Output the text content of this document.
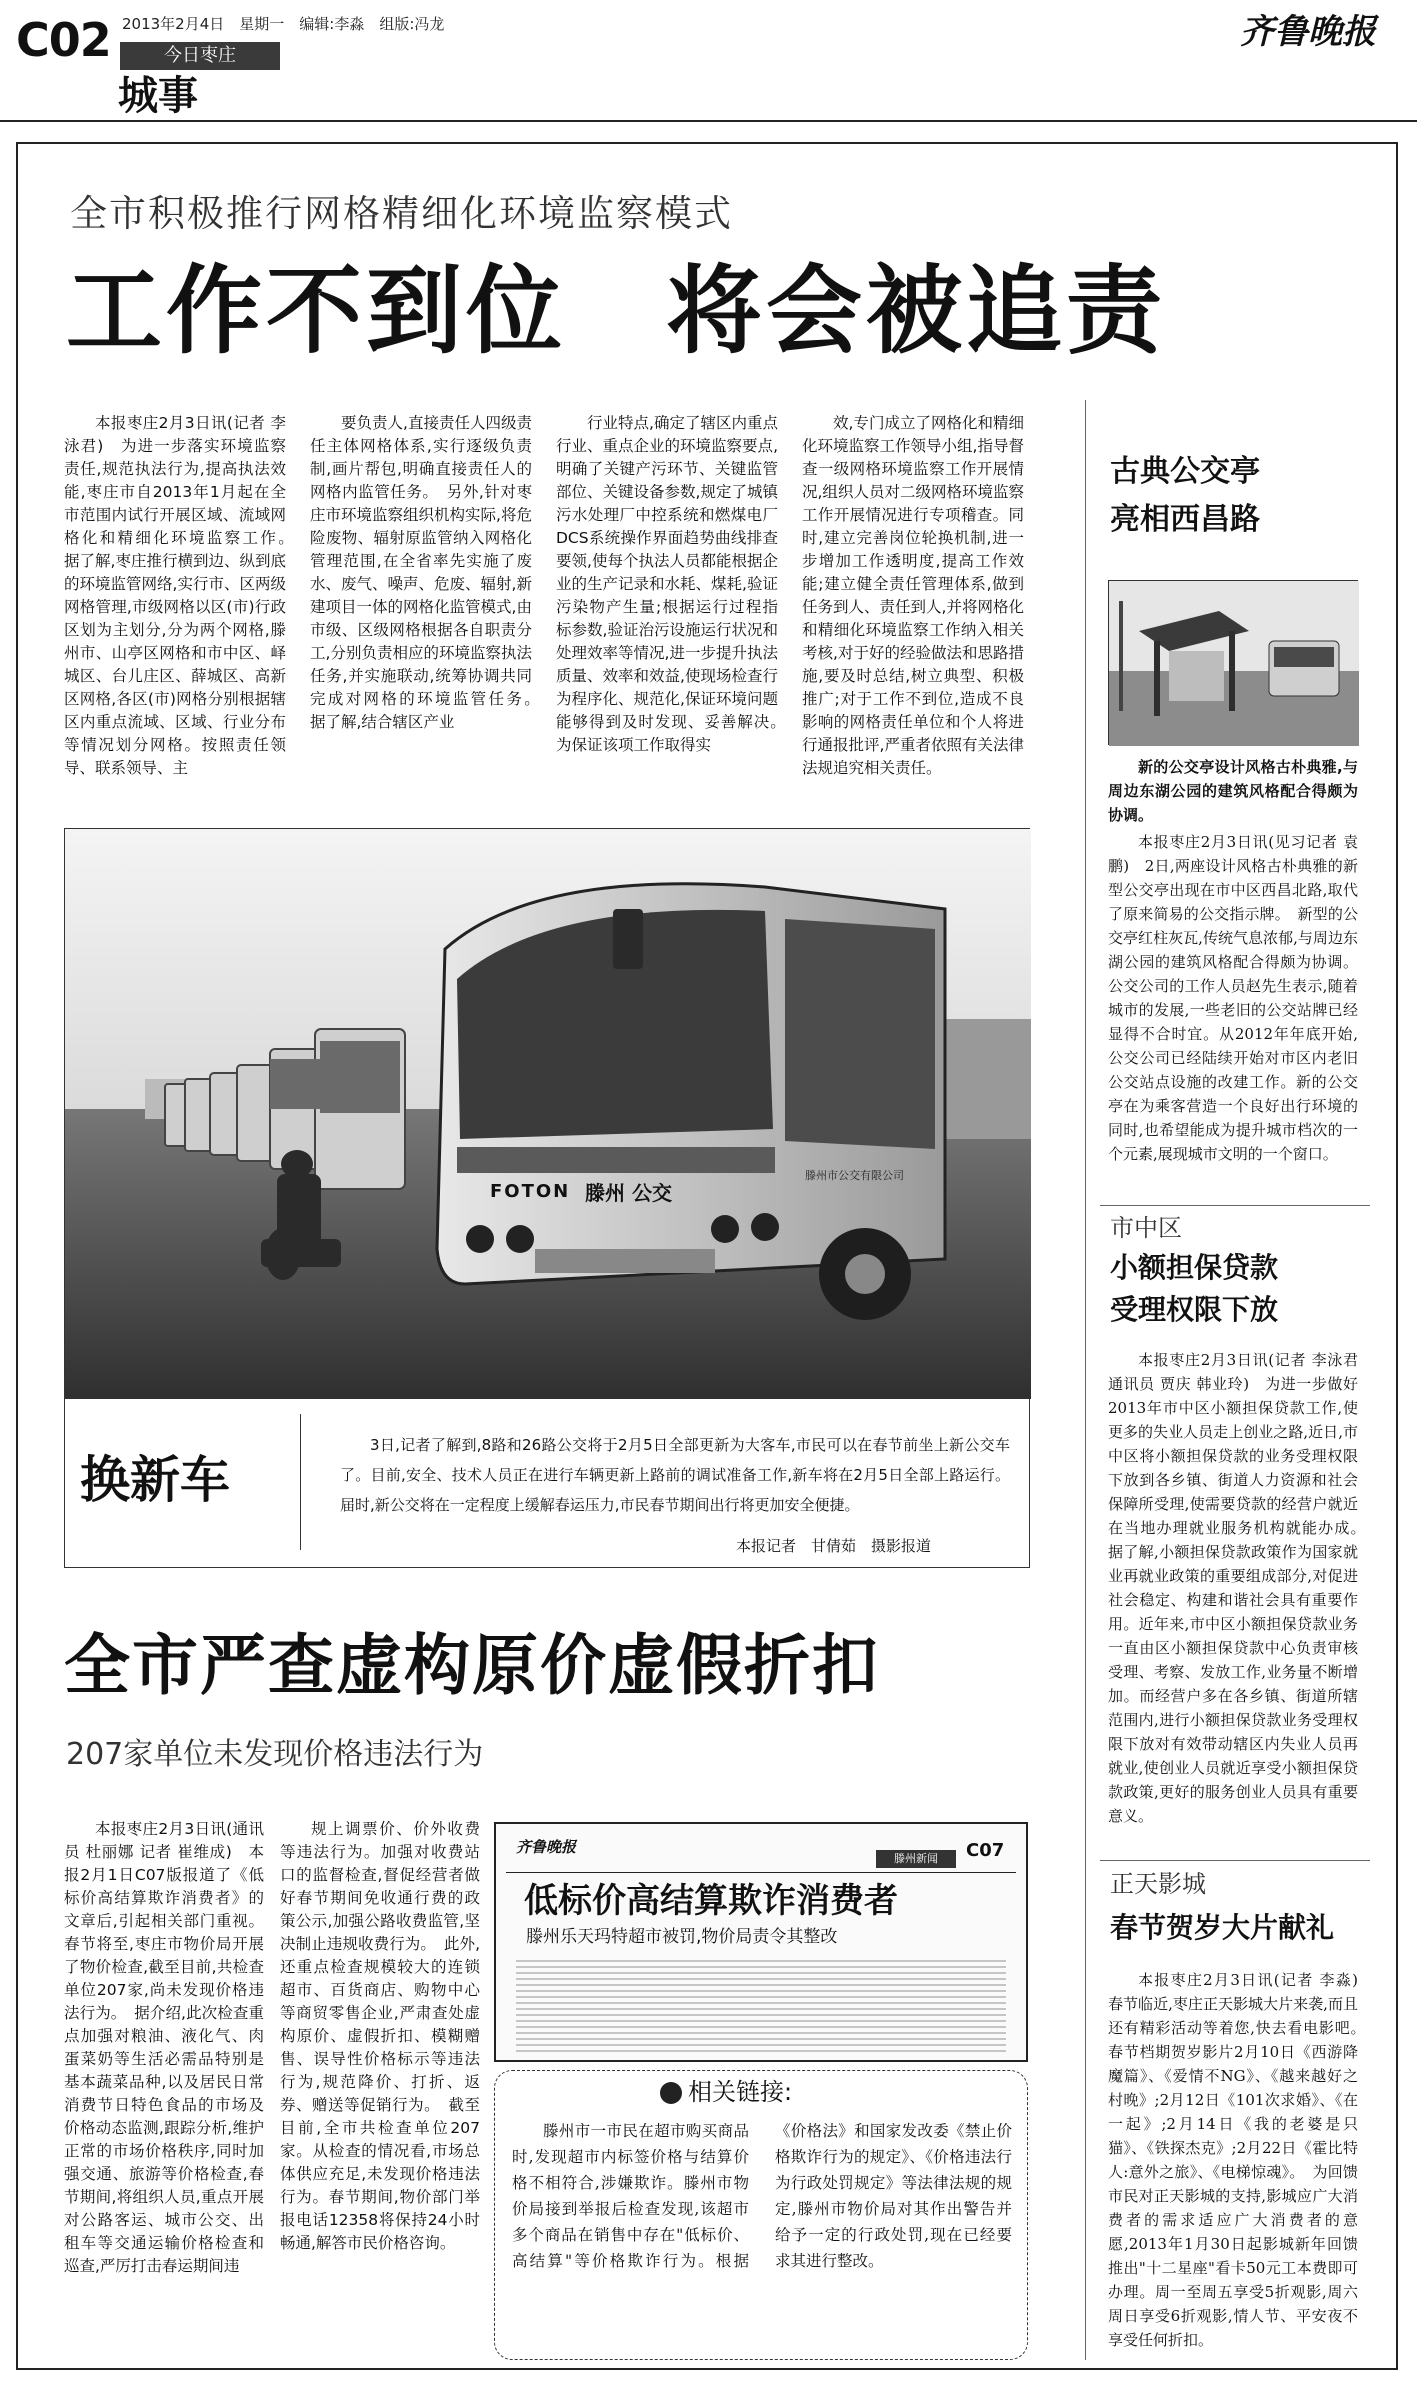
C02 2013年2月4日　星期一　编辑:李淼　组版:冯龙
今日枣庄
城事
齐鲁晚报
全市积极推行网格精细化环境监察模式
工作不到位　将会被追责

本报枣庄2月3日讯(记者 李泳君)　为进一步落实环境监察责任,规范执法行为,提高执法效能,枣庄市自2013年1月起在全市范围内试行开展区域、流域网格化和精细化环境监察工作。　据了解,枣庄推行横到边、纵到底的环境监管网络,实行市、区两级网格管理,市级网格以区(市)行政区划为主划分,分为两个网格,滕州市、山亭区网格和市中区、峄城区、台儿庄区、薛城区、高新区网格,各区(市)网格分别根据辖区内重点流域、区域、行业分布等情况划分网格。按照责任领导、联系领导、主

要负责人,直接责任人四级责任主体网格体系,实行逐级负责制,画片帮包,明确直接责任人的网格内监管任务。　另外,针对枣庄市环境监察组织机构实际,将危险废物、辐射原监管纳入网格化管理范围,在全省率先实施了废水、废气、噪声、危废、辐射,新建项目一体的网格化监管模式,由市级、区级网格根据各自职责分工,分别负责相应的环境监察执法任务,并实施联动,统筹协调共同完成对网格的环境监管任务。　据了解,结合辖区产业

行业特点,确定了辖区内重点行业、重点企业的环境监察要点,明确了关键产污环节、关键监管部位、关键设备参数,规定了城镇污水处理厂中控系统和燃煤电厂DCS系统操作界面趋势曲线排查要领,使每个执法人员都能根据企业的生产记录和水耗、煤耗,验证污染物产生量;根据运行过程指标参数,验证治污设施运行状况和处理效率等情况,进一步提升执法质量、效率和效益,使现场检查行为程序化、规范化,保证环境问题能够得到及时发现、妥善解决。　为保证该项工作取得实

效,专门成立了网格化和精细化环境监察工作领导小组,指导督查一级网格环境监察工作开展情况,组织人员对二级网格环境监察工作开展情况进行专项稽查。同时,建立完善岗位轮换机制,进一步增加工作透明度,提高工作效能;建立健全责任管理体系,做到任务到人、责任到人,并将网格化和精细化环境监察工作纳入相关考核,对于好的经验做法和思路措施,要及时总结,树立典型、积极推广;对于工作不到位,造成不良影响的网格责任单位和个人将进行通报批评,严重者依照有关法律法规追究相关责任。

FOTON 滕州 公交
滕州市公交有限公司
换新车
3日,记者了解到,8路和26路公交将于2月5日全部更新为大客车,市民可以在春节前坐上新公交车了。目前,安全、技术人员正在进行车辆更新上路前的调试准备工作,新车将在2月5日全部上路运行。届时,新公交将在一定程度上缓解春运压力,市民春节期间出行将更加安全便捷。
本报记者　甘倩茹　摄影报道
全市严查虚构原价虚假折扣
207家单位未发现价格违法行为

本报枣庄2月3日讯(通讯员 杜丽娜 记者 崔维成)　本报2月1日C07版报道了《低标价高结算欺诈消费者》的文章后,引起相关部门重视。春节将至,枣庄市物价局开展了物价检查,截至目前,共检查单位207家,尚未发现价格违法行为。　据介绍,此次检查重点加强对粮油、液化气、肉蛋菜奶等生活必需品特别是基本蔬菜品种,以及居民日常消费节日特色食品的市场及价格动态监测,跟踪分析,维护正常的市场价格秩序,同时加强交通、旅游等价格检查,春节期间,将组织人员,重点开展对公路客运、城市公交、出租车等交通运输价格检查和巡查,严厉打击春运期间违

规上调票价、价外收费等违法行为。加强对收费站口的监督检查,督促经营者做好春节期间免收通行费的政策公示,加强公路收费监管,坚决制止违规收费行为。　此外,还重点检查规模较大的连锁超市、百货商店、购物中心等商贸零售企业,严肃查处虚构原价、虚假折扣、模糊赠售、误导性价格标示等违法行为,规范降价、打折、返券、赠送等促销行为。　截至目前,全市共检查单位207家。从检查的情况看,市场总体供应充足,未发现价格违法行为。春节期间,物价部门举报电话12358将保持24小时畅通,解答市民价格咨询。

齐鲁晚报
滕州新闻	C07
低标价高结算欺诈消费者
滕州乐天玛特超市被罚,物价局责令其整改
相关链接:

滕州市一市民在超市购买商品时,发现超市内标签价格与结算价格不相符合,涉嫌欺诈。滕州市物价局接到举报后检查发现,该超市多个商品在销售中存在"低标价、高结算"等价格欺诈行为。根据《价格法》和国家发改委《禁止价格欺诈行为的规定》、《价格违法行为行政处罚规定》等法律法规的规定,滕州市物价局对其作出警告并给予一定的行政处罚,现在已经要求其进行整改。

古典公交亭
亮相西昌路

新的公交亭设计风格古朴典雅,与周边东湖公园的建筑风格配合得颇为协调。

本报枣庄2月3日讯(见习记者 袁鹏)　2日,两座设计风格古朴典雅的新型公交亭出现在市中区西昌北路,取代了原来简易的公交指示牌。　新型的公交亭红柱灰瓦,传统气息浓郁,与周边东湖公园的建筑风格配合得颇为协调。公交公司的工作人员赵先生表示,随着城市的发展,一些老旧的公交站牌已经显得不合时宜。从2012年年底开始,公交公司已经陆续开始对市区内老旧公交站点设施的改建工作。新的公交亭在为乘客营造一个良好出行环境的同时,也希望能成为提升城市档次的一个元素,展现城市文明的一个窗口。

市中区
小额担保贷款
受理权限下放

本报枣庄2月3日讯(记者 李泳君 通讯员 贾庆 韩业玲)　为进一步做好2013年市中区小额担保贷款工作,使更多的失业人员走上创业之路,近日,市中区将小额担保贷款的业务受理权限下放到各乡镇、街道人力资源和社会保障所受理,使需要贷款的经营户就近在当地办理就业服务机构就能办成。　据了解,小额担保贷款政策作为国家就业再就业政策的重要组成部分,对促进社会稳定、构建和谐社会具有重要作用。近年来,市中区小额担保贷款业务一直由区小额担保贷款中心负责审核受理、考察、发放工作,业务量不断增加。而经营户多在各乡镇、街道所辖范围内,进行小额担保贷款业务受理权限下放对有效带动辖区内失业人员再就业,使创业人员就近享受小额担保贷款政策,更好的服务创业人员具有重要意义。

正天影城
春节贺岁大片献礼

本报枣庄2月3日讯(记者 李淼)　春节临近,枣庄正天影城大片来袭,而且还有精彩活动等着您,快去看电影吧。　春节档期贺岁影片2月10日《西游降魔篇》、《爱情不NG》、《越来越好之村晚》;2月12日《101次求婚》、《在一起》;2月14日《我的老婆是只猫》、《铁探杰克》;2月22日《霍比特人:意外之旅》、《电梯惊魂》。　为回馈市民对正天影城的支持,影城应广大消费者的需求适应广大消费者的意愿,2013年1月30日起影城新年回馈推出"十二星座"看卡50元工本费即可办理。周一至周五享受5折观影,周六周日享受6折观影,情人节、平安夜不享受任何折扣。
